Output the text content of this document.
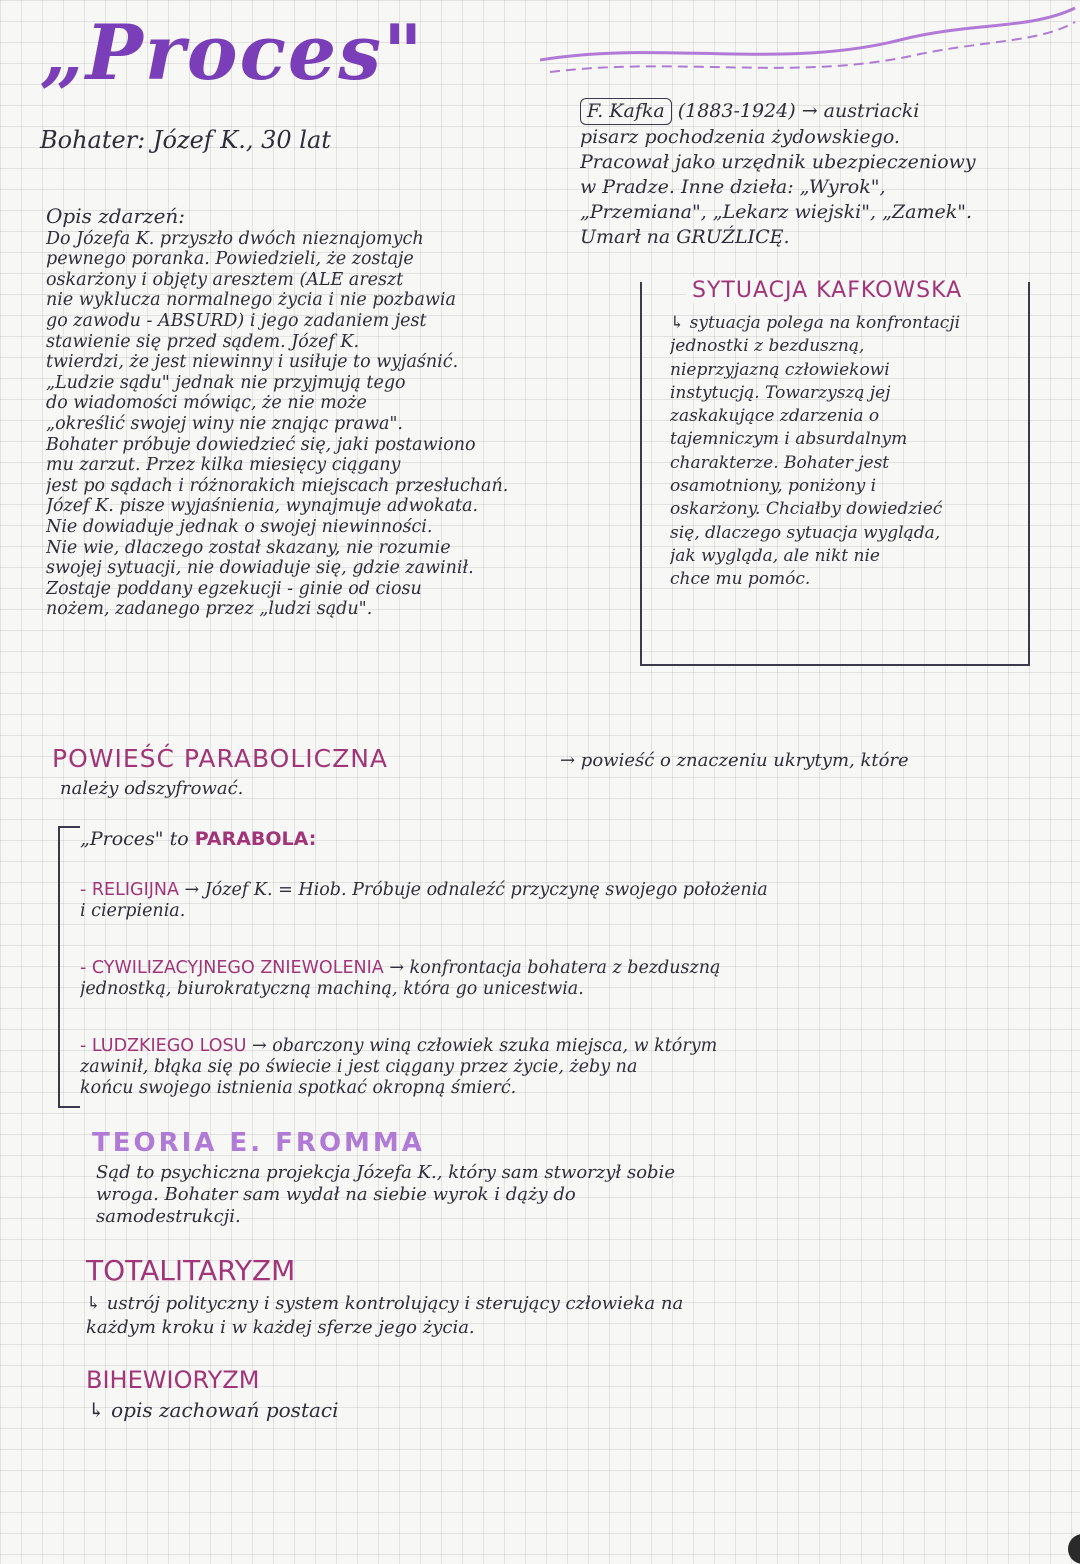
„Proces"
Bohater: Józef K., 30 lat
F. Kafka (1883-1924) → austriacki
pisarz pochodzenia żydowskiego.
Pracował jako urzędnik ubezpieczeniowy
w Pradze. Inne dzieła: „Wyrok",
„Przemiana", „Lekarz wiejski", „Zamek".
Umarł na GRUŹLICĘ.
Opis zdarzeń:
Do Józefa K. przyszło dwóch nieznajomych
pewnego poranka. Powiedzieli, że zostaje
oskarżony i objęty aresztem (ALE areszt
nie wyklucza normalnego życia i nie pozbawia
go zawodu - ABSURD) i jego zadaniem jest
stawienie się przed sądem. Józef K.
twierdzi, że jest niewinny i usiłuje to wyjaśnić.
„Ludzie sądu" jednak nie przyjmują tego
do wiadomości mówiąc, że nie może
„określić swojej winy nie znając prawa".
Bohater próbuje dowiedzieć się, jaki postawiono
mu zarzut. Przez kilka miesięcy ciągany
jest po sądach i różnorakich miejscach przesłuchań.
Józef K. pisze wyjaśnienia, wynajmuje adwokata.
Nie dowiaduje jednak o swojej niewinności.
Nie wie, dlaczego został skazany, nie rozumie
swojej sytuacji, nie dowiaduje się, gdzie zawinił.
Zostaje poddany egzekucji - ginie od ciosu
nożem, zadanego przez „ludzi sądu".
SYTUACJA KAFKOWSKA
↳ sytuacja polega na konfrontacji
jednostki z bezduszną,
nieprzyjazną człowiekowi
instytucją. Towarzyszą jej
zaskakujące zdarzenia o
tajemniczym i absurdalnym
charakterze. Bohater jest
osamotniony, poniżony i
oskarżony. Chciałby dowiedzieć
się, dlaczego sytuacja wygląda,
jak wygląda, ale nikt nie
chce mu pomóc.
POWIEŚĆ PARABOLICZNA	→ powieść o znaczeniu ukrytym, które
należy odszyfrować.
„Proces" to PARABOLA:
- RELIGIJNA → Józef K. = Hiob. Próbuje odnaleźć przyczynę swojego położenia
i cierpienia.
- CYWILIZACYJNEGO ZNIEWOLENIA → konfrontacja bohatera z bezduszną
jednostką, biurokratyczną machiną, która go unicestwia.
- LUDZKIEGO LOSU → obarczony winą człowiek szuka miejsca, w którym
zawinił, błąka się po świecie i jest ciągany przez życie, żeby na
końcu swojego istnienia spotkać okropną śmierć.
TEORIA E. FROMMA
Sąd to psychiczna projekcja Józefa K., który sam stworzył sobie
wroga. Bohater sam wydał na siebie wyrok i dąży do
samodestrukcji.
TOTALITARYZM
↳ ustrój polityczny i system kontrolujący i sterujący człowieka na
każdym kroku i w każdej sferze jego życia.
BIHEWIORYZM
↳ opis zachowań postaci
